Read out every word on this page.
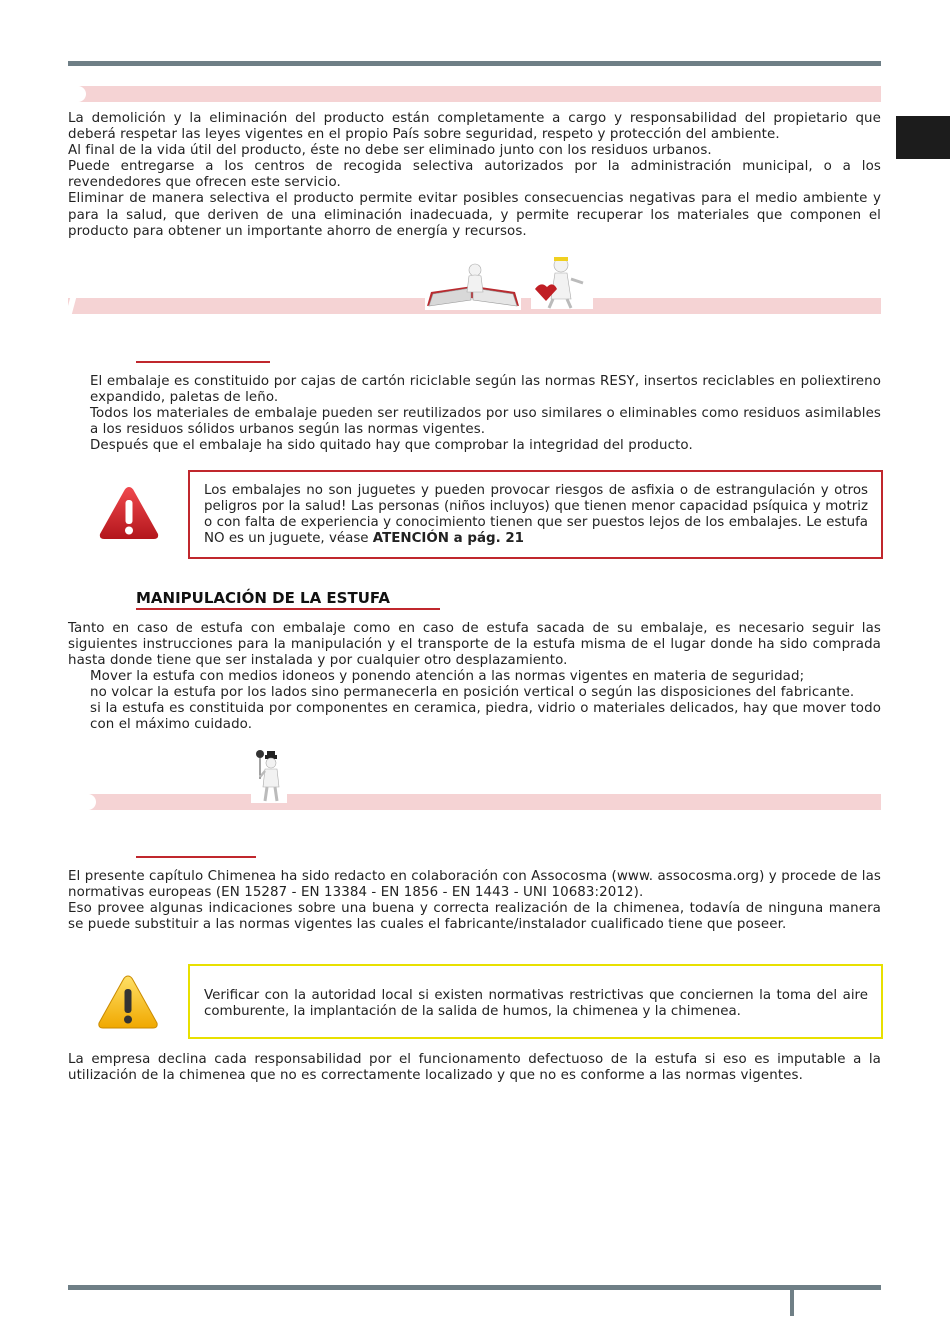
La demolición y la eliminación del producto están completamente a cargo y responsabilidad del propietario que deberá respetar las leyes vigentes en el propio País sobre seguridad, respeto y protección del ambiente.

Al final de la vida útil del producto, éste no debe ser eliminado junto con los residuos urbanos.

Puede entregarse a los centros de recogida selectiva autorizados por la administración municipal, o a los revendedores que ofrecen este servicio.

Eliminar de manera selectiva el producto permite evitar posibles consecuencias negativas para el medio ambiente y para la salud, que deriven de una eliminación inadecuada, y permite recuperar los materiales que componen el producto para obtener un importante ahorro de energía y recursos.

El embalaje es constituido por cajas de cartón riciclable según las normas RESY, insertos reciclables en poliextireno expandido, paletas de leño.

Todos los materiales de embalaje pueden ser reutilizados por uso similares o eliminables como residuos asimilables a los residuos sólidos urbanos según las normas vigentes.

Después que el embalaje ha sido quitado hay que comprobar la integridad del producto.

Los embalajes no son juguetes y pueden provocar riesgos de asfixia o de estrangulación y otros peligros por la salud! Las personas (niños incluyos) que tienen menor capacidad psíquica y motriz o con falta de experiencia y conocimiento tienen que ser puestos lejos de los embalajes. Le estufa NO es un juguete, véase ATENCIÓN a pág. 21
MANIPULACIÓN DE LA ESTUFA
Tanto en caso de estufa con embalaje como en caso de estufa sacada de su embalaje, es necesario seguir las siguientes instrucciones para la manipulación y el transporte de la estufa misma de el lugar donde ha sido comprada hasta donde tiene que ser instalada y por cualquier otro desplazamiento.

Mover la estufa con medios idoneos y ponendo atención a las normas vigentes en materia de seguridad;

no volcar la estufa por los lados sino permanecerla en posición vertical o según las disposiciones del fabricante.

si la estufa es constituida por componentes en ceramica, piedra, vidrio o materiales delicados, hay que mover todo con el máximo cuidado.

El presente capítulo Chimenea ha sido redacto en colaboración con Assocosma (www. assocosma.org) y procede de las normativas europeas (EN 15287 - EN 13384 - EN 1856 - EN 1443 - UNI 10683:2012).

Eso provee algunas indicaciones sobre una buena y correcta realización de la chimenea, todavía de ninguna manera se puede substituir a las normas vigentes las cuales el fabricante/instalador cualificado tiene que poseer.

Verificar con la autoridad local si existen normativas restrictivas que conciernen la toma del aire comburente, la implantación de la salida de humos, la chimenea y la chimenea.
La empresa declina cada responsabilidad por el funcionamento defectuoso de la estufa si eso es imputable a la utilización de la chimenea que no es correctamente localizado y que no es conforme a las normas vigentes.
